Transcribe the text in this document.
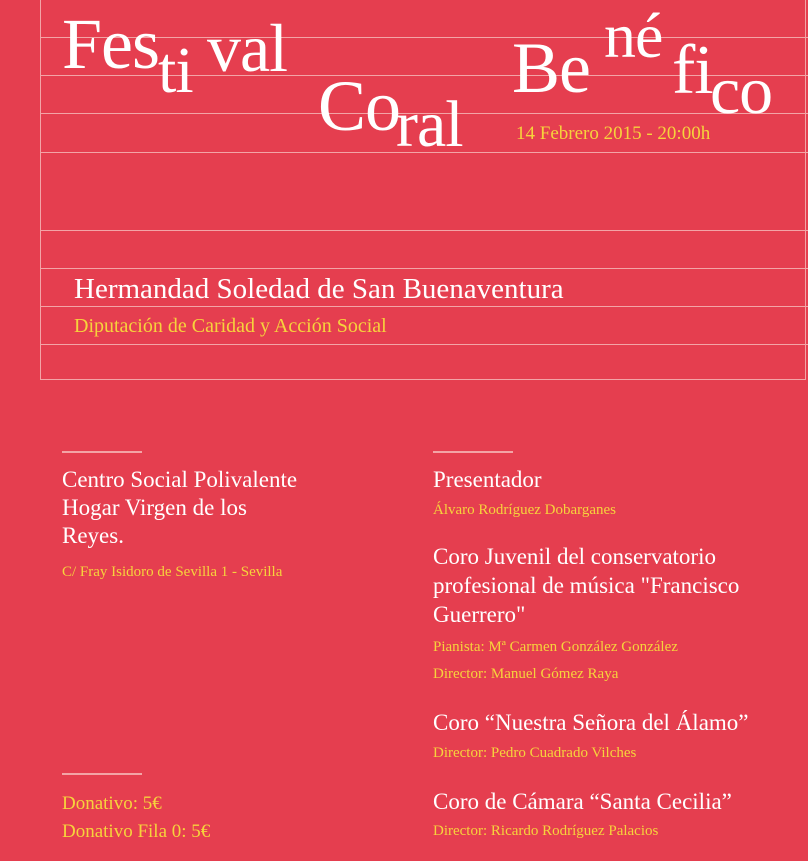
Fes
ti val
Co
ral
Be né fi
co
14 Febrero 2015 - 20:00h
Hermandad Soledad de San Buenaventura
Diputación de Caridad y Acción Social
Centro Social Polivalente
Hogar Virgen de los
Reyes.
C/ Fray Isidoro de Sevilla 1 - Sevilla
Donativo: 5€
Donativo Fila 0: 5€
Presentador
Álvaro Rodríguez Dobarganes
Coro Juvenil del conservatorio
profesional de música "Francisco
Guerrero"
Pianista: Mª Carmen González González
Director: Manuel Gómez Raya
Coro “Nuestra Señora del Álamo”
Director: Pedro Cuadrado Vilches
Coro de Cámara “Santa Cecilia”
Director: Ricardo Rodríguez Palacios
